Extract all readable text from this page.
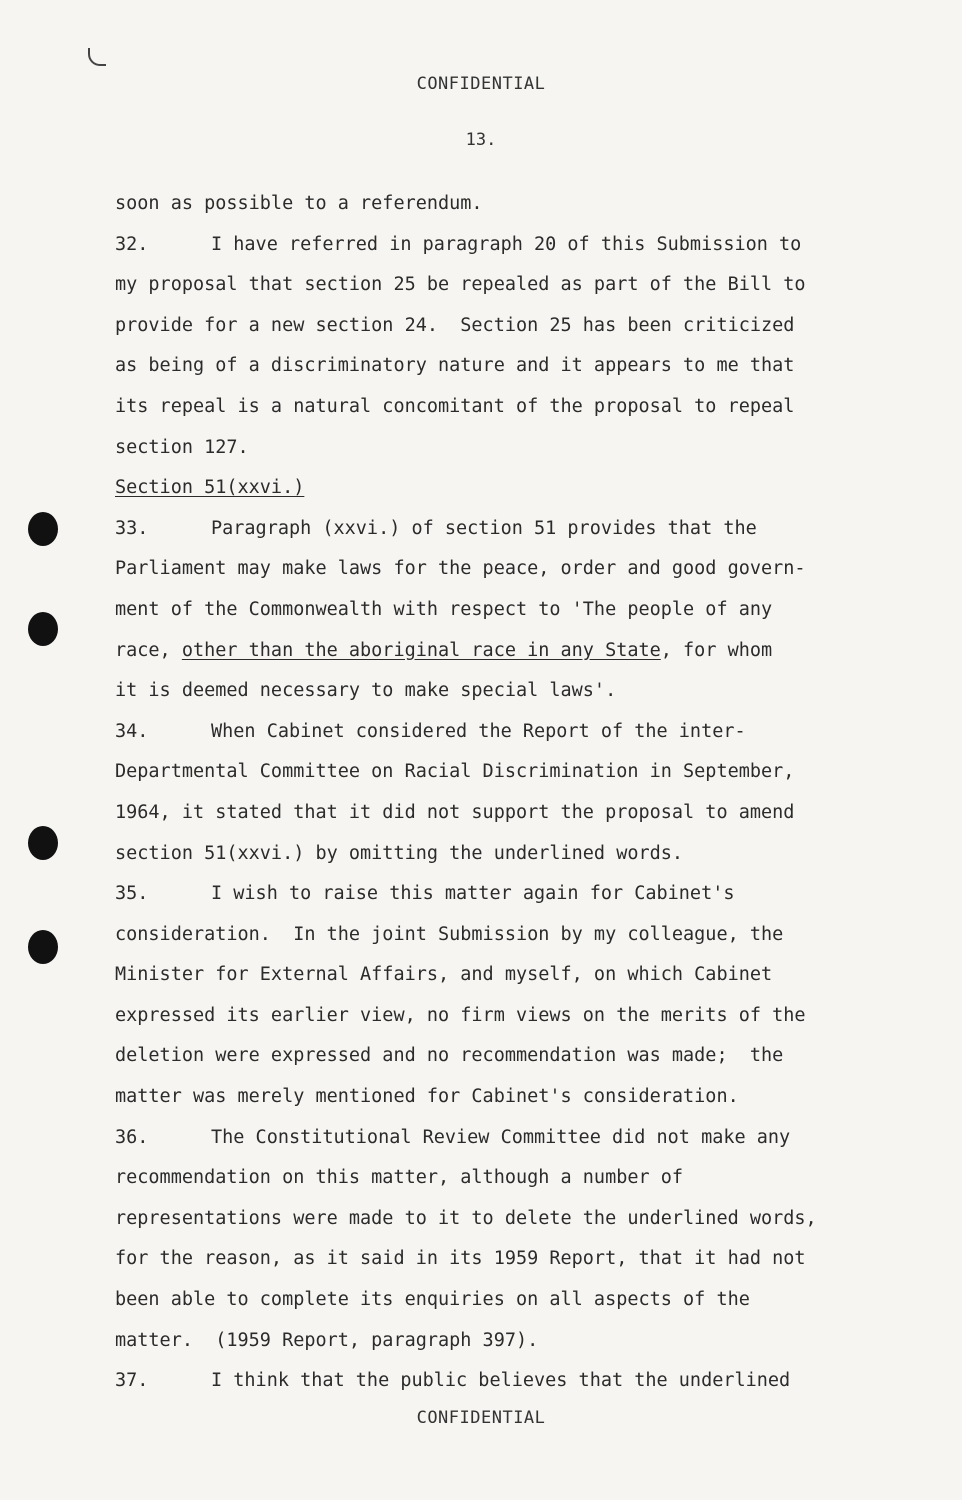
CONFIDENTIAL
13.
soon as possible to a referendum.
32.	I have referred in paragraph 20 of this Submission to
my proposal that section 25 be repealed as part of the Bill to
provide for a new section 24.  Section 25 has been criticized
as being of a discriminatory nature and it appears to me that
its repeal is a natural concomitant of the proposal to repeal
section 127.
Section 51(xxvi.)
33.	Paragraph (xxvi.) of section 51 provides that the
Parliament may make laws for the peace, order and good govern-
ment of the Commonwealth with respect to 'The people of any
race, other than the aboriginal race in any State, for whom
it is deemed necessary to make special laws'.
34.	When Cabinet considered the Report of the inter-
Departmental Committee on Racial Discrimination in September,
1964, it stated that it did not support the proposal to amend
section 51(xxvi.) by omitting the underlined words.
35.	I wish to raise this matter again for Cabinet's
consideration.  In the joint Submission by my colleague, the
Minister for External Affairs, and myself, on which Cabinet
expressed its earlier view, no firm views on the merits of the
deletion were expressed and no recommendation was made;  the
matter was merely mentioned for Cabinet's consideration.
36.	The Constitutional Review Committee did not make any
recommendation on this matter, although a number of
representations were made to it to delete the underlined words,
for the reason, as it said in its 1959 Report, that it had not
been able to complete its enquiries on all aspects of the
matter.  (1959 Report, paragraph 397).
37.	I think that the public believes that the underlined
CONFIDENTIAL
